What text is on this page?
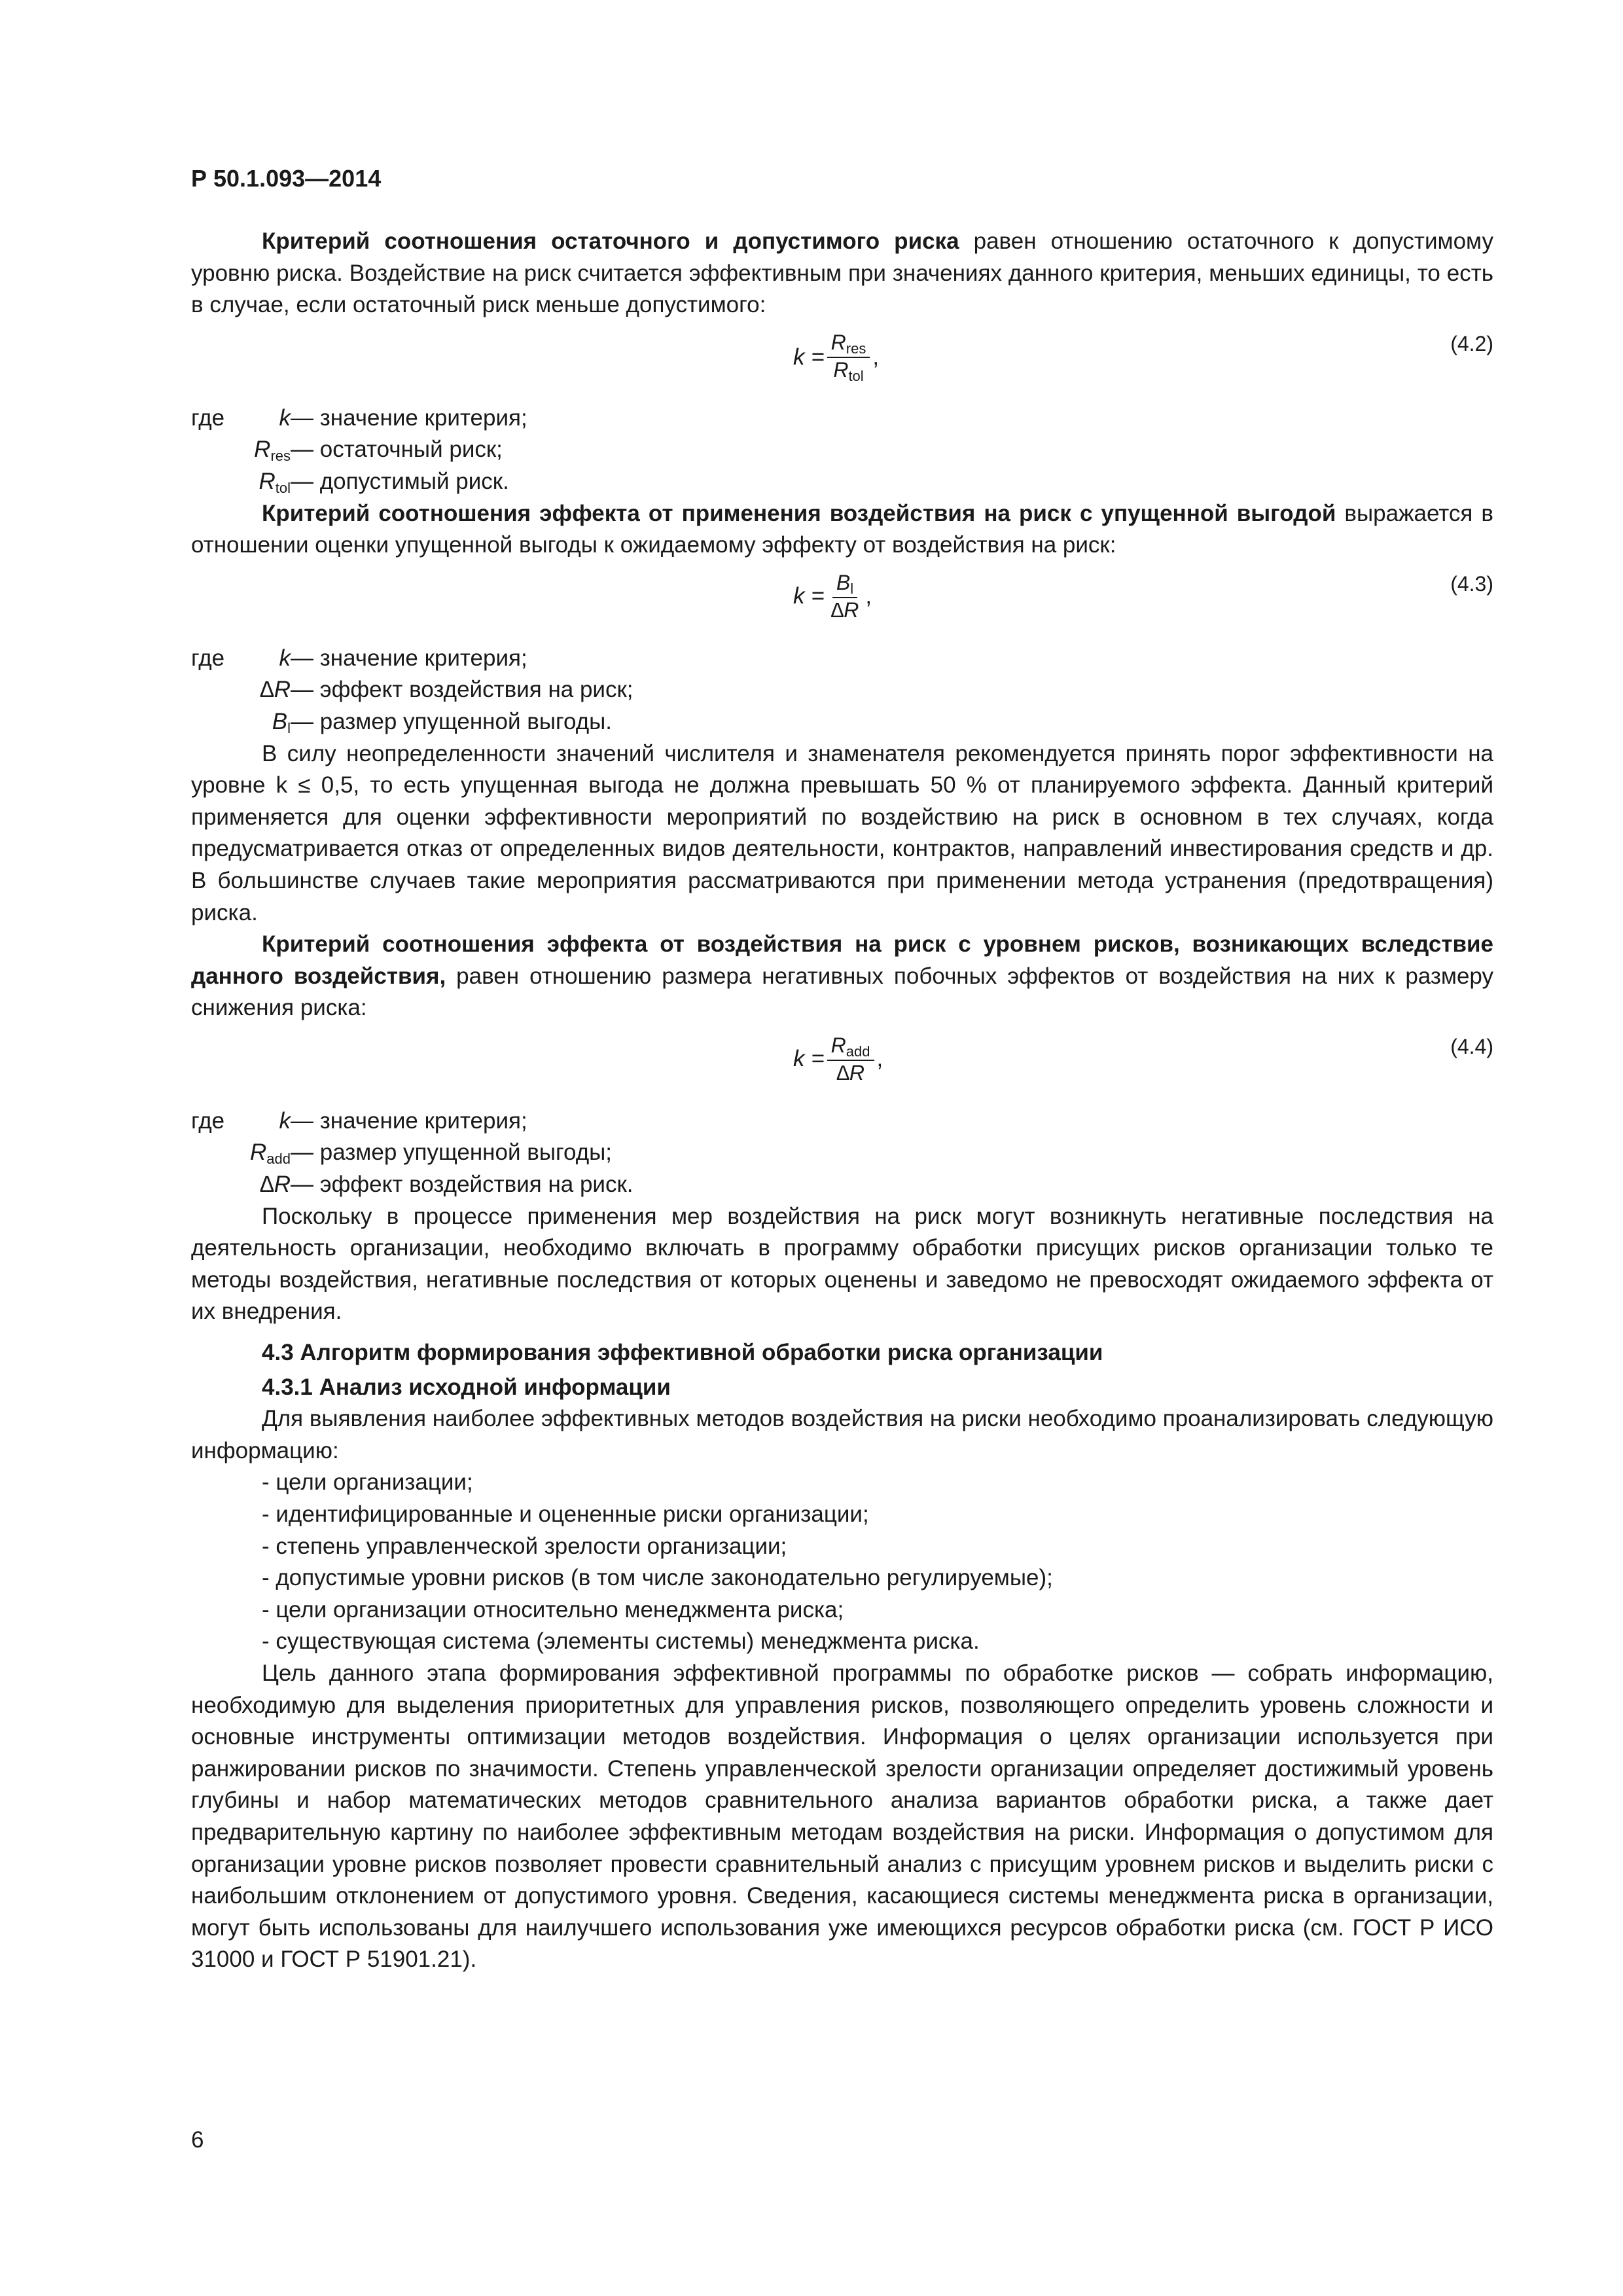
Р 50.1.093—2014

Критерий соотношения остаточного и допустимого риска равен отношению остаточного к допустимому уровню риска. Воздействие на риск считается эффективным при значениях данного критерия, меньших единицы, то есть в случае, если остаточный риск меньше допустимого:

$k = \frac{R_{res}}{R_{tol}}$ ,
(4.2)
где k — значение критерия;
$R_{res}$ — остаточный риск;
$R_{tol}$ — допустимый риск.

Критерий соотношения эффекта от применения воздействия на риск с упущенной выгодой выражается в отношении оценки упущенной выгоды к ожидаемому эффекту от воздействия на риск:

$k = \frac{B_l}{\Delta R}$ ,	(4.3)
где k — значение критерия;
∆R — эффект воздействия на риск;
$B_l$ — размер упущенной выгоды.

В силу неопределенности значений числителя и знаменателя рекомендуется принять порог эффективности на уровне k ≤ 0,5, то есть упущенная выгода не должна превышать 50 % от планируемого эффекта. Данный критерий применяется для оценки эффективности мероприятий по воздействию на риск в основном в тех случаях, когда предусматривается отказ от определенных видов деятельности, контрактов, направлений инвестирования средств и др. В большинстве случаев такие мероприятия рассматриваются при применении метода устранения (предотвращения) риска.

Критерий соотношения эффекта от воздействия на риск с уровнем рисков, возникающих вследствие данного воздействия, равен отношению размера негативных побочных эффектов от воздействия на них к размеру снижения риска:

$k = \frac{R_{add}}{\Delta R}$ ,	(4.4)
где k — значение критерия;
$R_{add}$ — размер упущенной выгоды;
∆R — эффект воздействия на риск.

Поскольку в процессе применения мер воздействия на риск могут возникнуть негативные последствия на деятельность организации, необходимо включать в программу обработки присущих рисков организации только те методы воздействия, негативные последствия от которых оценены и заведомо не превосходят ожидаемого эффекта от их внедрения.

4.3 Алгоритм формирования эффективной обработки риска организации

4.3.1 Анализ исходной информации

Для выявления наиболее эффективных методов воздействия на риски необходимо проанализировать следующую информацию:

- цели организации;

- идентифицированные и оцененные риски организации;

- степень управленческой зрелости организации;

- допустимые уровни рисков (в том числе законодательно регулируемые);

- цели организации относительно менеджмента риска;

- существующая система (элементы системы) менеджмента риска.

Цель данного этапа формирования эффективной программы по обработке рисков — собрать информацию, необходимую для выделения приоритетных для управления рисков, позволяющего определить уровень сложности и основные инструменты оптимизации методов воздействия. Информация о целях организации используется при ранжировании рисков по значимости. Степень управленческой зрелости организации определяет достижимый уровень глубины и набор математических методов сравнительного анализа вариантов обработки риска, а также дает предварительную картину по наиболее эффективным методам воздействия на риски. Информация о допустимом для организации уровне рисков позволяет провести сравнительный анализ с присущим уровнем рисков и выделить риски с наибольшим отклонением от допустимого уровня. Сведения, касающиеся системы менеджмента риска в организации, могут быть использованы для наилучшего использования уже имеющихся ресурсов обработки риска (см. ГОСТ Р ИСО 31000 и ГОСТ Р 51901.21).

6
